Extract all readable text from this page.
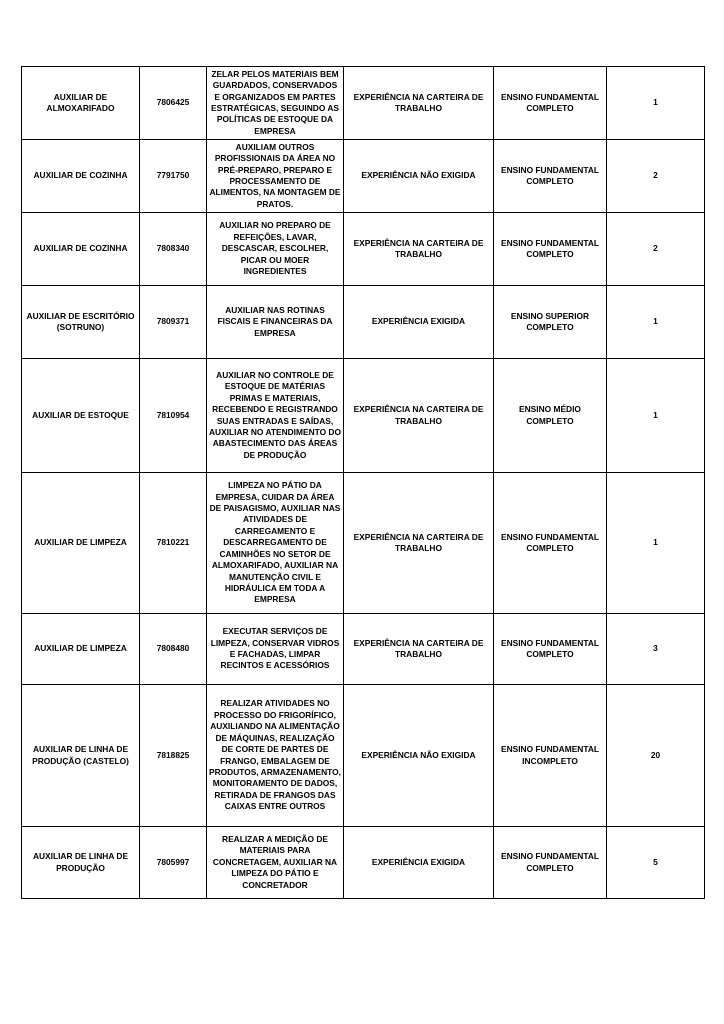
AUXILIAR DE ALMOXARIFADO	7806425	ZELAR PELOS MATERIAIS BEM GUARDADOS, CONSERVADOS E ORGANIZADOS EM PARTES ESTRATÉGICAS, SEGUINDO AS POLÍTICAS DE ESTOQUE DA EMPRESA	EXPERIÊNCIA NA CARTEIRA DE TRABALHO	ENSINO FUNDAMENTAL COMPLETO	1
AUXILIAR DE COZINHA	7791750	AUXILIAM OUTROS PROFISSIONAIS DA ÁREA NO PRÉ-PREPARO, PREPARO E PROCESSAMENTO DE ALIMENTOS, NA MONTAGEM DE PRATOS.	EXPERIÊNCIA NÃO EXIGIDA	ENSINO FUNDAMENTAL COMPLETO	2
AUXILIAR DE COZINHA	7808340	AUXILIAR NO PREPARO DE REFEIÇÕES, LAVAR, DESCASCAR, ESCOLHER, PICAR OU MOER INGREDIENTES	EXPERIÊNCIA NA CARTEIRA DE TRABALHO	ENSINO FUNDAMENTAL COMPLETO	2
AUXILIAR DE ESCRITÓRIO (SOTRUNO)	7809371	AUXILIAR NAS ROTINAS FISCAIS E FINANCEIRAS DA EMPRESA	EXPERIÊNCIA EXIGIDA	ENSINO SUPERIOR COMPLETO	1
AUXILIAR DE ESTOQUE	7810954	AUXILIAR NO CONTROLE DE ESTOQUE DE MATÉRIAS PRIMAS E MATERIAIS, RECEBENDO E REGISTRANDO SUAS ENTRADAS E SAÍDAS, AUXILIAR NO ATENDIMENTO DO ABASTECIMENTO DAS ÁREAS DE PRODUÇÃO	EXPERIÊNCIA NA CARTEIRA DE TRABALHO	ENSINO MÉDIO COMPLETO	1
AUXILIAR DE LIMPEZA	7810221	LIMPEZA NO PÁTIO DA EMPRESA, CUIDAR DA ÁREA DE PAISAGISMO, AUXILIAR NAS ATIVIDADES DE CARREGAMENTO E DESCARREGAMENTO DE CAMINHÕES NO SETOR DE ALMOXARIFADO, AUXILIAR NA MANUTENÇÃO CIVIL E HIDRÁULICA EM TODA A EMPRESA	EXPERIÊNCIA NA CARTEIRA DE TRABALHO	ENSINO FUNDAMENTAL COMPLETO	1
AUXILIAR DE LIMPEZA	7808480	EXECUTAR SERVIÇOS DE LIMPEZA, CONSERVAR VIDROS E FACHADAS, LIMPAR RECINTOS E ACESSÓRIOS	EXPERIÊNCIA NA CARTEIRA DE TRABALHO	ENSINO FUNDAMENTAL COMPLETO	3
AUXILIAR DE LINHA DE PRODUÇÃO (CASTELO)	7818825	REALIZAR ATIVIDADES NO PROCESSO DO FRIGORÍFICO, AUXILIANDO NA ALIMENTAÇÃO DE MÁQUINAS, REALIZAÇÃO DE CORTE DE PARTES DE FRANGO, EMBALAGEM DE PRODUTOS, ARMAZENAMENTO, MONITORAMENTO DE DADOS, RETIRADA DE FRANGOS DAS CAIXAS ENTRE OUTROS	EXPERIÊNCIA NÃO EXIGIDA	ENSINO FUNDAMENTAL INCOMPLETO	20
AUXILIAR DE LINHA DE PRODUÇÃO	7805997	REALIZAR A MEDIÇÃO DE MATERIAIS PARA CONCRETAGEM, AUXILIAR NA LIMPEZA DO PÁTIO E CONCRETADOR	EXPERIÊNCIA EXIGIDA	ENSINO FUNDAMENTAL COMPLETO	5
